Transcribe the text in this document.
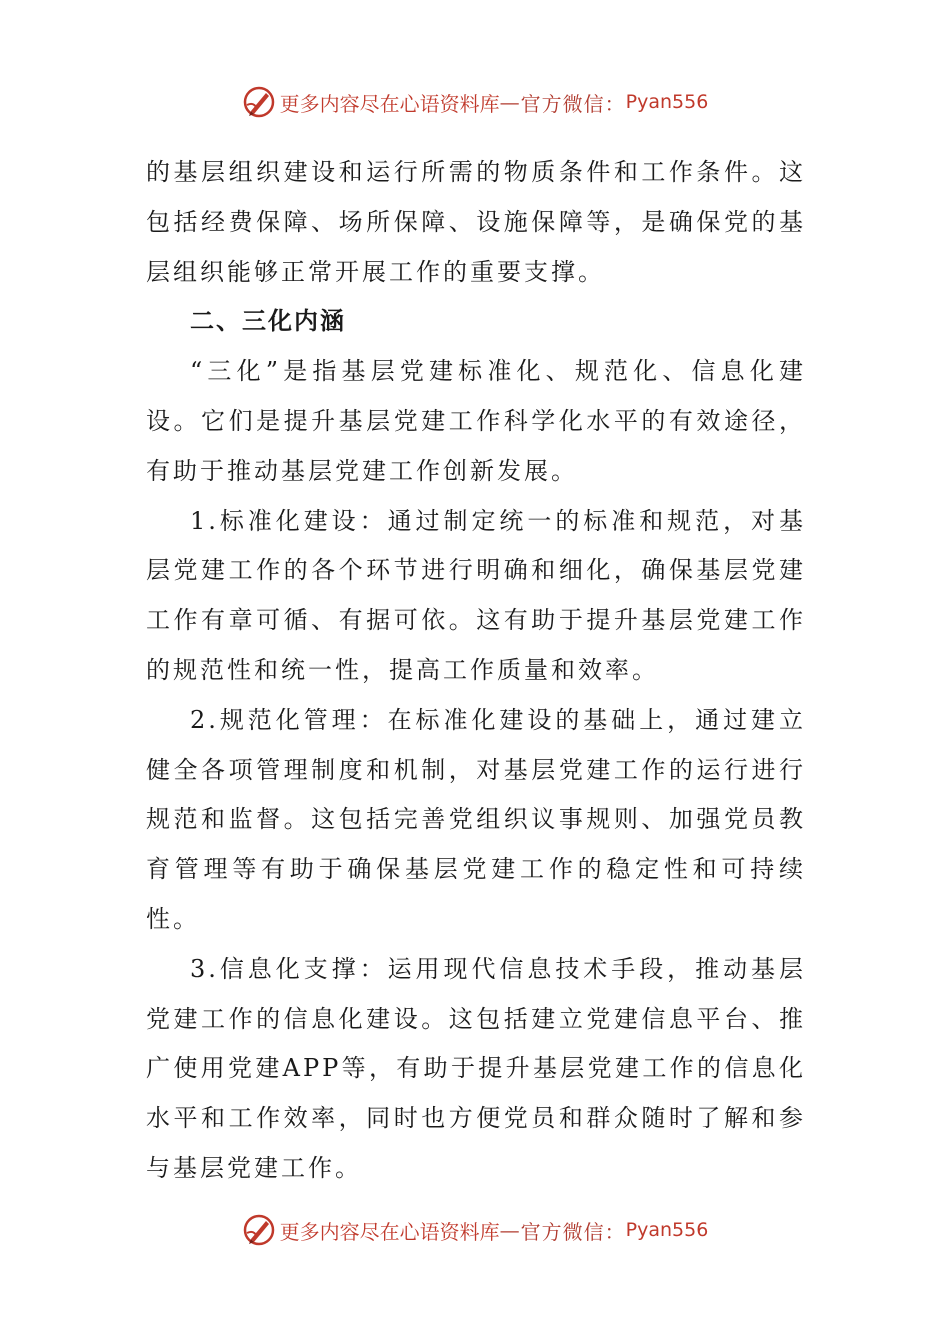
更多内容尽在心语资料库 — 官方微信： Pyan556

的基层组织建设和运行所需的物质条件和工作条件。这包括经费保障、场所保障、设施保障等，是确保党的基层组织能够正常开展工作的重要支撑。

二、三化内涵

“三化”是指基层党建标准化、规范化、信息化建设。它们是提升基层党建工作科学化水平的有效途径，有助于推动基层党建工作创新发展。

1.标准化建设：通过制定统一的标准和规范，对基层党建工作的各个环节进行明确和细化，确保基层党建工作有章可循、有据可依。这有助于提升基层党建工作的规范性和统一性，提高工作质量和效率。

2.规范化管理：在标准化建设的基础上，通过建立健全各项管理制度和机制，对基层党建工作的运行进行规范和监督。这包括完善党组织议事规则、加强党员教育管理等有助于确保基层党建工作的稳定性和可持续性。

3.信息化支撑：运用现代信息技术手段，推动基层党建工作的信息化建设。这包括建立党建信息平台、推广使用党建APP等，有助于提升基层党建工作的信息化水平和工作效率，同时也方便党员和群众随时了解和参与基层党建工作。

更多内容尽在心语资料库 — 官方微信： Pyan556
